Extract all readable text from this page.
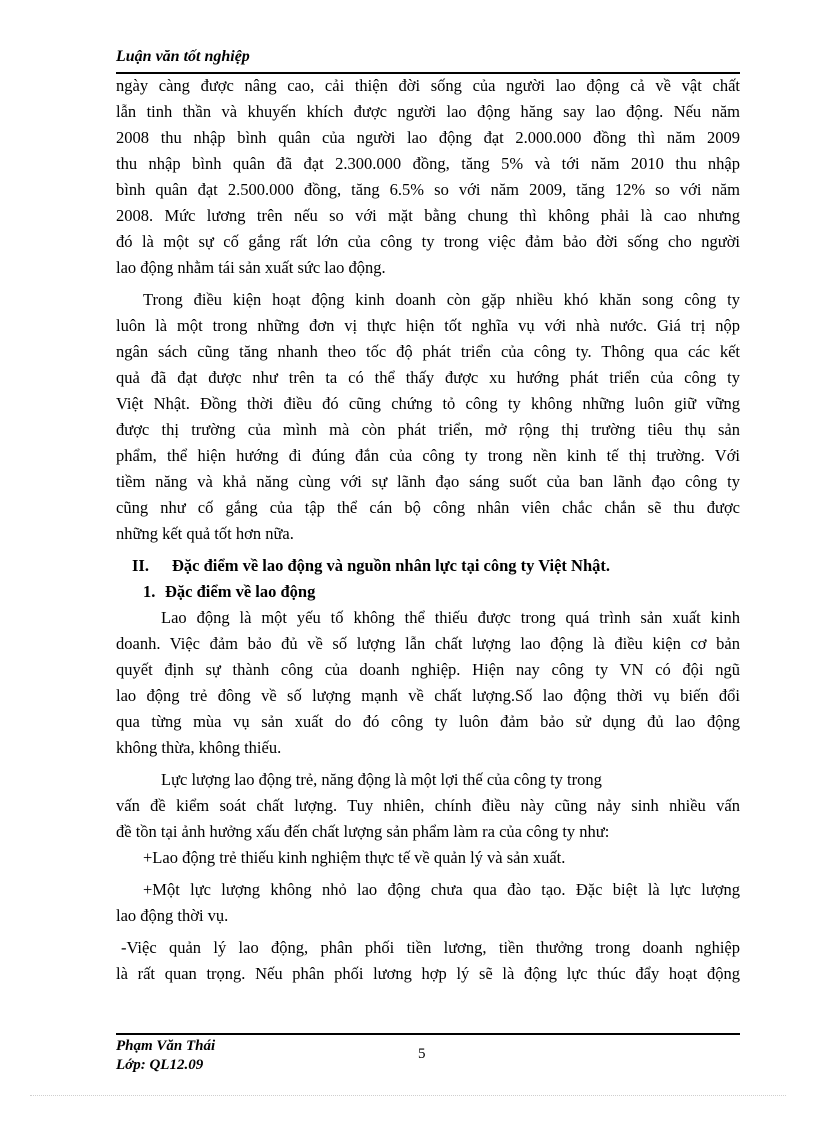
Luận văn tốt nghiệp
ngày càng được nâng cao, cải thiện đời sống của người lao động cả về vật chất
lẫn tinh thần và khuyến khích được người lao động hăng say lao động. Nếu năm
2008 thu nhập bình quân của người lao động đạt 2.000.000 đồng thì năm 2009
thu nhập bình quân đã đạt 2.300.000 đồng, tăng 5% và tới năm 2010 thu nhập
bình quân đạt 2.500.000 đồng, tăng 6.5% so với năm 2009, tăng 12% so với năm
2008. Mức lương trên nếu so với mặt bằng chung thì không phải là cao nhưng
đó là một sự cố gắng rất lớn của công ty trong việc đảm bảo đời sống cho người
lao động nhằm tái sản xuất sức lao động.
Trong điều kiện hoạt động kinh doanh còn gặp nhiều khó khăn song công ty
luôn là một trong những đơn vị thực hiện tốt nghĩa vụ với nhà nước. Giá trị nộp
ngân sách cũng tăng nhanh theo tốc độ phát triển của công ty. Thông qua các kết
quả đã đạt được như trên ta có thể thấy được xu hướng phát triển của công ty
Việt Nhật. Đồng thời điều đó cũng chứng tỏ công ty không những luôn giữ vững
được thị trường của mình mà còn phát triển, mở rộng thị trường tiêu thụ sản
phẩm, thể hiện hướng đi đúng đắn của công ty trong nền kinh tế thị trường. Với
tiềm năng và khả năng cùng với sự lãnh đạo sáng suốt của ban lãnh đạo công ty
cũng như cố gắng của tập thể cán bộ công nhân viên chắc chắn sẽ thu được
những kết quả tốt hơn nữa.
II. Đặc điểm về lao động và nguồn nhân lực tại công ty Việt Nhật.
1. Đặc điểm về lao động
Lao động là một yếu tố không thể thiếu được trong quá trình sản xuất kinh
doanh. Việc đảm bảo đủ về số lượng lẫn chất lượng lao động là điều kiện cơ bản
quyết định sự thành công của doanh nghiệp. Hiện nay công ty VN có đội ngũ
lao động trẻ đông về số lượng mạnh về chất lượng.Số lao động thời vụ biến đổi
qua từng mùa vụ sản xuất do đó công ty luôn đảm bảo sử dụng đủ lao động
không thừa, không thiếu.
Lực lượng lao động trẻ, năng động là một lợi thế của công ty trong
vấn đề kiểm soát chất lượng. Tuy nhiên, chính điều này cũng nảy sinh nhiều vấn
đề tồn tại ảnh hưởng xấu đến chất lượng sản phẩm làm ra của công ty như:
+Lao động trẻ thiếu kinh nghiệm thực tế về quản lý và sản xuất.
+Một lực lượng không nhỏ lao động chưa qua đào tạo. Đặc biệt là lực lượng
lao động thời vụ.
-Việc quản lý lao động, phân phối tiền lương, tiền thưởng trong doanh nghiệp
là rất quan trọng. Nếu phân phối lương hợp lý sẽ là động lực thúc đẩy hoạt động
Phạm Văn Thái
Lớp: QL12.09
5
